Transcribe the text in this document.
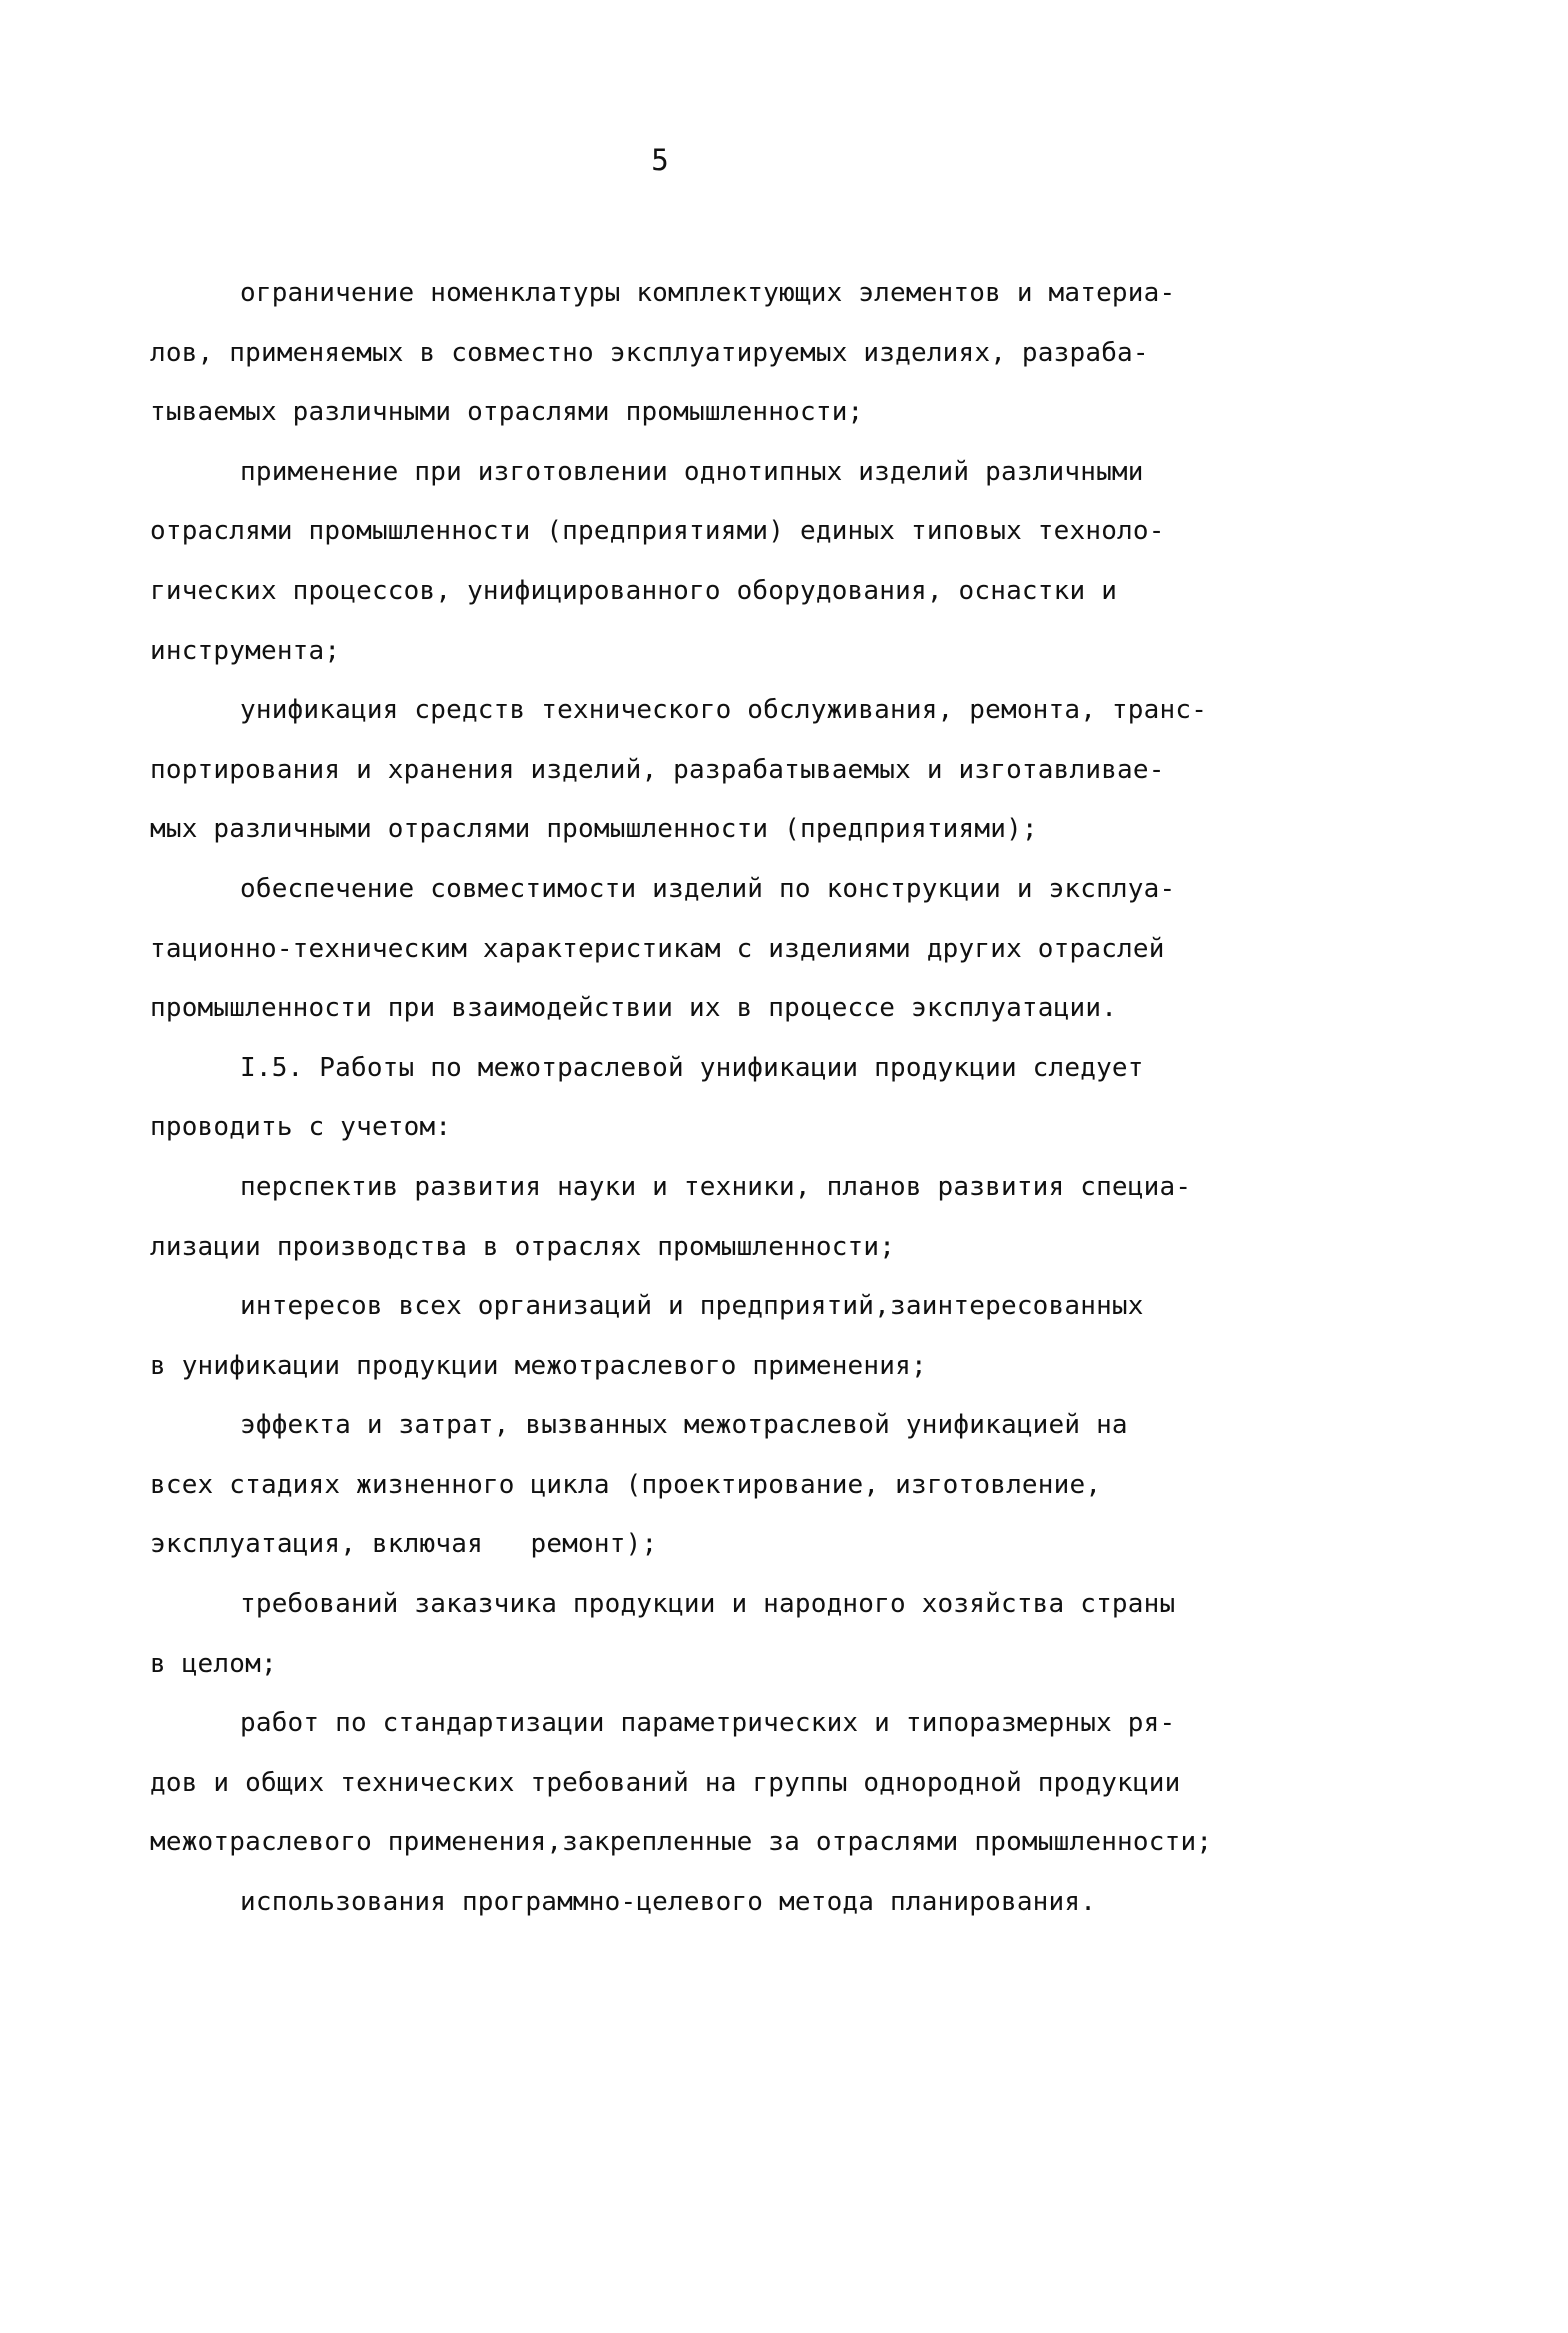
5
ограничение номенклатуры комплектующих элементов и материа-
лов, применяемых в совместно эксплуатируемых изделиях, разраба-
тываемых различными отраслями промышленности;
применение при изготовлении однотипных изделий различными
отраслями промышленности (предприятиями) единых типовых техноло-
гических процессов, унифицированного оборудования, оснастки и
инструмента;
унификация средств технического обслуживания, ремонта, транс-
портирования и хранения изделий, разрабатываемых и изготавливае-
мых различными отраслями промышленности (предприятиями);
обеспечение совместимости изделий по конструкции и эксплуа-
тационно-техническим характеристикам с изделиями других отраслей
промышленности при взаимодействии их в процессе эксплуатации.
I.5. Работы по межотраслевой унификации продукции следует
проводить с учетом:
перспектив развития науки и техники, планов развития специа-
лизации производства в отраслях промышленности;
интересов всех организаций и предприятий,заинтересованных
в унификации продукции межотраслевого применения;
эффекта и затрат, вызванных межотраслевой унификацией на
всех стадиях жизненного цикла (проектирование, изготовление,
эксплуатация, включая   ремонт);
требований заказчика продукции и народного хозяйства страны
в целом;
работ по стандартизации параметрических и типоразмерных ря-
дов и общих технических требований на группы однородной продукции
межотраслевого применения,закрепленные за отраслями промышленности;
использования программно-целевого метода планирования.
